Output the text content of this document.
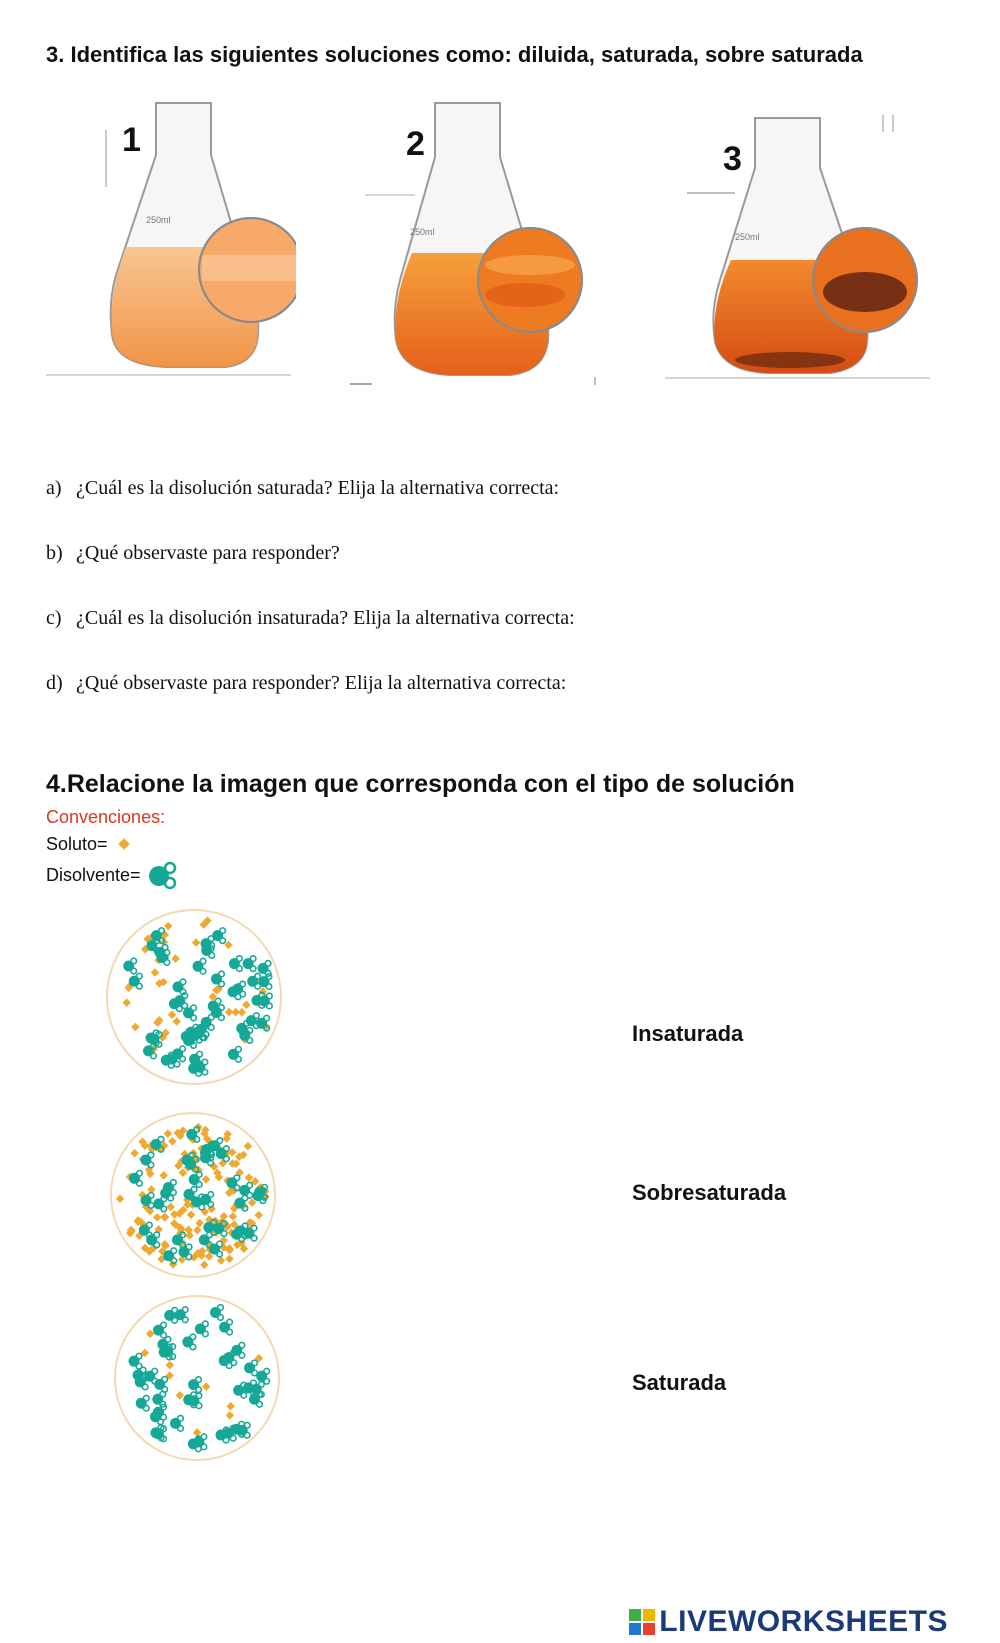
3. Identifica las siguientes soluciones como: diluida, saturada, sobre saturada
250ml
1
250ml
2
250ml
3
a) ¿Cuál es la disolución saturada? Elija la alternativa correcta:
b) ¿Qué observaste para responder?
c) ¿Cuál es la disolución insaturada? Elija la alternativa correcta:
d) ¿Qué observaste para responder? Elija la alternativa correcta:
4.Relacione la imagen que corresponda con el tipo de solución
Convenciones:
Soluto=
Disolvente=
Insaturada
Sobresaturada
Saturada
LIVEWORKSHEETS
